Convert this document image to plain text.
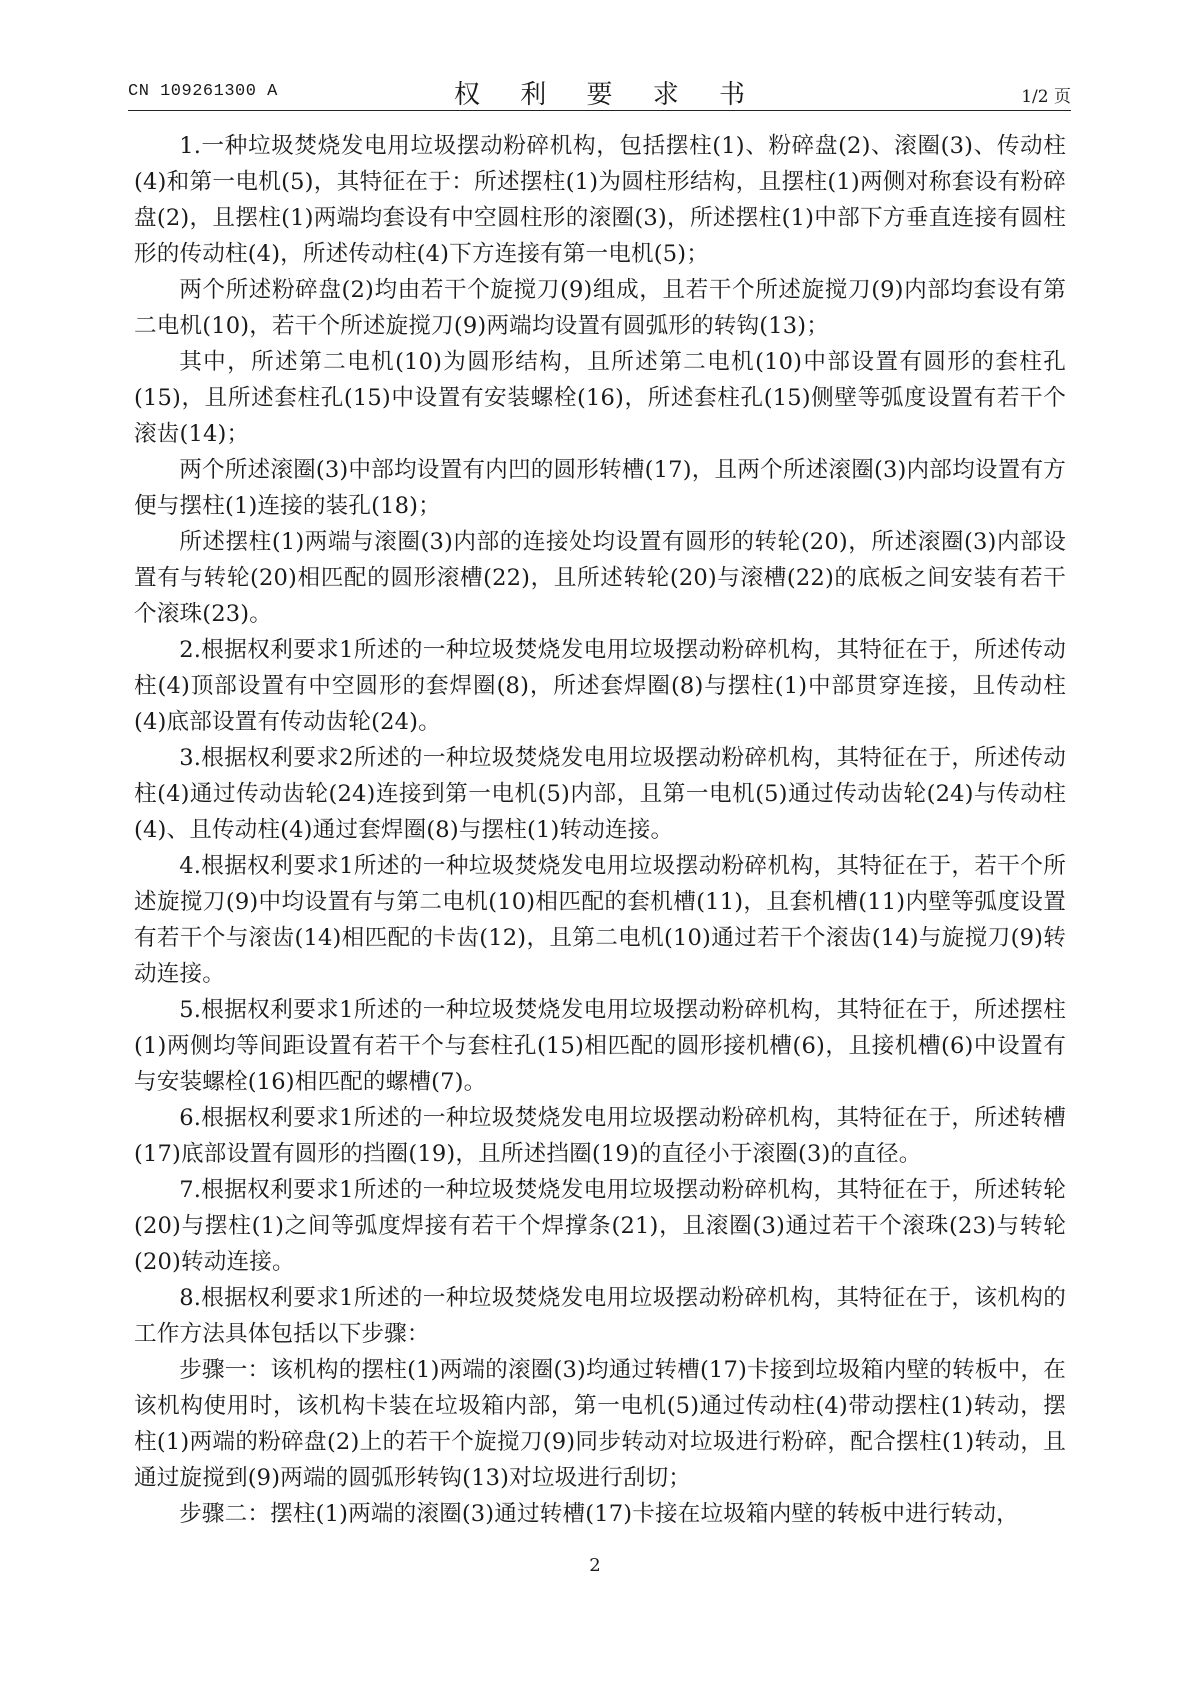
CN 109261300 A	权 利 要 求 书	1/2 页

1.一种垃圾焚烧发电用垃圾摆动粉碎机构，包括摆柱(1)、粉碎盘(2)、滚圈(3)、传动柱(4)和第一电机(5)，其特征在于：所述摆柱(1)为圆柱形结构，且摆柱(1)两侧对称套设有粉碎盘(2)，且摆柱(1)两端均套设有中空圆柱形的滚圈(3)，所述摆柱(1)中部下方垂直连接有圆柱形的传动柱(4)，所述传动柱(4)下方连接有第一电机(5)；

两个所述粉碎盘(2)均由若干个旋搅刀(9)组成，且若干个所述旋搅刀(9)内部均套设有第二电机(10)，若干个所述旋搅刀(9)两端均设置有圆弧形的转钩(13)；

其中，所述第二电机(10)为圆形结构，且所述第二电机(10)中部设置有圆形的套柱孔(15)，且所述套柱孔(15)中设置有安装螺栓(16)，所述套柱孔(15)侧壁等弧度设置有若干个滚齿(14)；

两个所述滚圈(3)中部均设置有内凹的圆形转槽(17)，且两个所述滚圈(3)内部均设置有方便与摆柱(1)连接的装孔(18)；

所述摆柱(1)两端与滚圈(3)内部的连接处均设置有圆形的转轮(20)，所述滚圈(3)内部设置有与转轮(20)相匹配的圆形滚槽(22)，且所述转轮(20)与滚槽(22)的底板之间安装有若干个滚珠(23)。

2.根据权利要求1所述的一种垃圾焚烧发电用垃圾摆动粉碎机构，其特征在于，所述传动柱(4)顶部设置有中空圆形的套焊圈(8)，所述套焊圈(8)与摆柱(1)中部贯穿连接，且传动柱(4)底部设置有传动齿轮(24)。

3.根据权利要求2所述的一种垃圾焚烧发电用垃圾摆动粉碎机构，其特征在于，所述传动柱(4)通过传动齿轮(24)连接到第一电机(5)内部，且第一电机(5)通过传动齿轮(24)与传动柱(4)、且传动柱(4)通过套焊圈(8)与摆柱(1)转动连接。

4.根据权利要求1所述的一种垃圾焚烧发电用垃圾摆动粉碎机构，其特征在于，若干个所述旋搅刀(9)中均设置有与第二电机(10)相匹配的套机槽(11)，且套机槽(11)内壁等弧度设置有若干个与滚齿(14)相匹配的卡齿(12)，且第二电机(10)通过若干个滚齿(14)与旋搅刀(9)转动连接。

5.根据权利要求1所述的一种垃圾焚烧发电用垃圾摆动粉碎机构，其特征在于，所述摆柱(1)两侧均等间距设置有若干个与套柱孔(15)相匹配的圆形接机槽(6)，且接机槽(6)中设置有与安装螺栓(16)相匹配的螺槽(7)。

6.根据权利要求1所述的一种垃圾焚烧发电用垃圾摆动粉碎机构，其特征在于，所述转槽(17)底部设置有圆形的挡圈(19)，且所述挡圈(19)的直径小于滚圈(3)的直径。

7.根据权利要求1所述的一种垃圾焚烧发电用垃圾摆动粉碎机构，其特征在于，所述转轮(20)与摆柱(1)之间等弧度焊接有若干个焊撑条(21)，且滚圈(3)通过若干个滚珠(23)与转轮(20)转动连接。

8.根据权利要求1所述的一种垃圾焚烧发电用垃圾摆动粉碎机构，其特征在于，该机构的工作方法具体包括以下步骤：

步骤一：该机构的摆柱(1)两端的滚圈(3)均通过转槽(17)卡接到垃圾箱内壁的转板中，在该机构使用时，该机构卡装在垃圾箱内部，第一电机(5)通过传动柱(4)带动摆柱(1)转动，摆柱(1)两端的粉碎盘(2)上的若干个旋搅刀(9)同步转动对垃圾进行粉碎，配合摆柱(1)转动，且通过旋搅到(9)两端的圆弧形转钩(13)对垃圾进行刮切；

步骤二：摆柱(1)两端的滚圈(3)通过转槽(17)卡接在垃圾箱内壁的转板中进行转动，

2
